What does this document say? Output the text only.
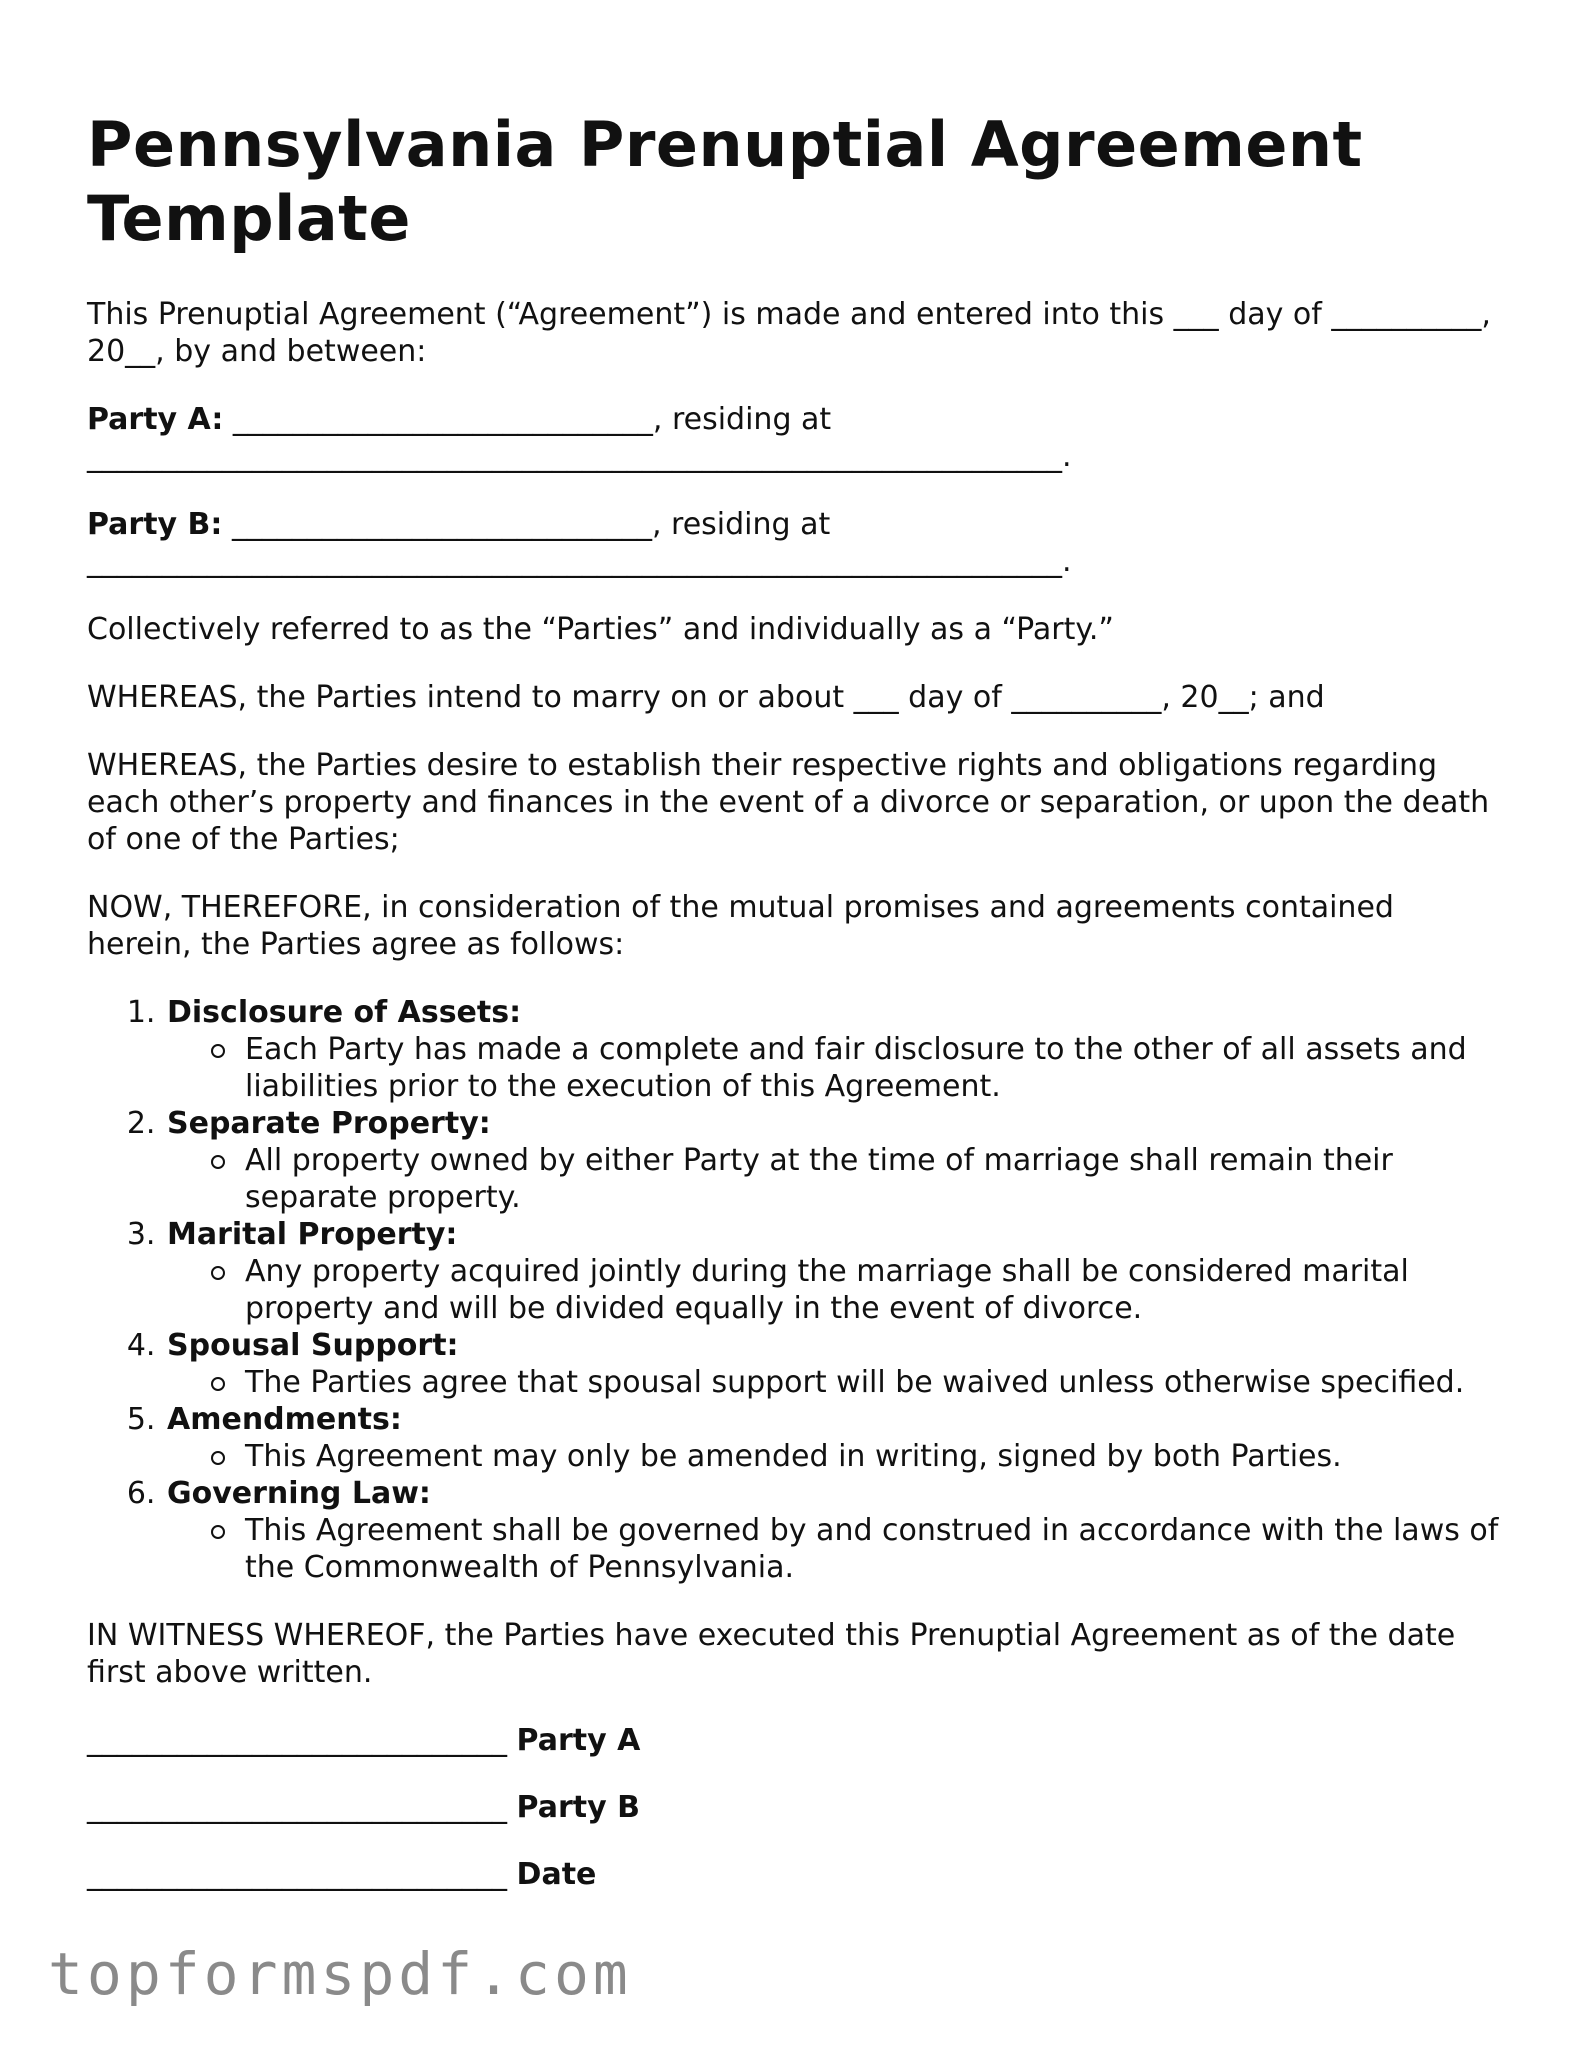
Pennsylvania Prenuptial Agreement Template

This Prenuptial Agreement (“Agreement”) is made and entered into this ___ day of __________, 20__, by and between:

Party A: ____________________________, residing at _________________________________________________________________.

Party B: ____________________________, residing at _________________________________________________________________.

Collectively referred to as the “Parties” and individually as a “Party.”

WHEREAS, the Parties intend to marry on or about ___ day of __________, 20__; and

WHEREAS, the Parties desire to establish their respective rights and obligations regarding each other’s property and finances in the event of a divorce or separation, or upon the death of one of the Parties;

NOW, THEREFORE, in consideration of the mutual promises and agreements contained herein, the Parties agree as follows:

1. Disclosure of Assets:
Each Party has made a complete and fair disclosure to the other of all assets and liabilities prior to the execution of this Agreement.
2. Separate Property:
All property owned by either Party at the time of marriage shall remain their separate property.
3. Marital Property:
Any property acquired jointly during the marriage shall be considered marital property and will be divided equally in the event of divorce.
4. Spousal Support:
The Parties agree that spousal support will be waived unless otherwise specified.
5. Amendments:
This Agreement may only be amended in writing, signed by both Parties.
6. Governing Law:
This Agreement shall be governed by and construed in accordance with the laws of the Commonwealth of Pennsylvania.

IN WITNESS WHEREOF, the Parties have executed this Prenuptial Agreement as of the date first above written.

____________________________ Party A

____________________________ Party B

____________________________ Date

topformspdf.com
